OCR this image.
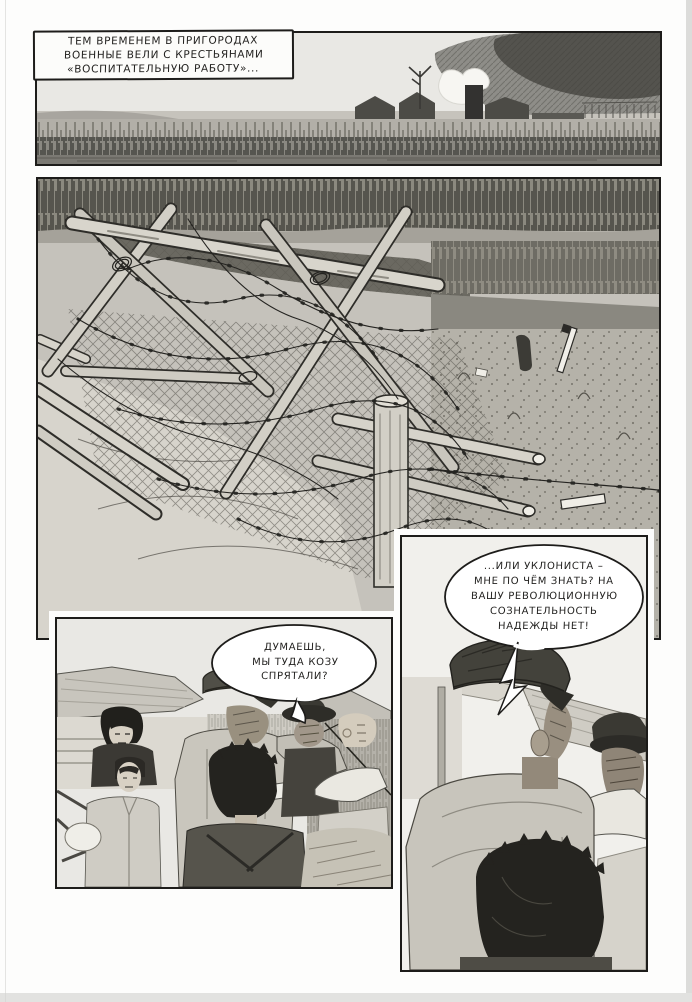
ТЕМ ВРЕМЕНЕМ В ПРИГОРОДАХ
ВОЕННЫЕ ВЕЛИ С КРЕСТЬЯНАМИ
«ВОСПИТАТЕЛЬНУЮ РАБОТУ»...
ДУМАЕШЬ,
МЫ ТУДА КОЗУ
СПРЯТАЛИ?
...ИЛИ УКЛОНИСТА –
МНЕ ПО ЧЁМ ЗНАТЬ? НА
ВАШУ РЕВОЛЮЦИОННУЮ
СОЗНАТЕЛЬНОСТЬ
НАДЕЖДЫ НЕТ!
